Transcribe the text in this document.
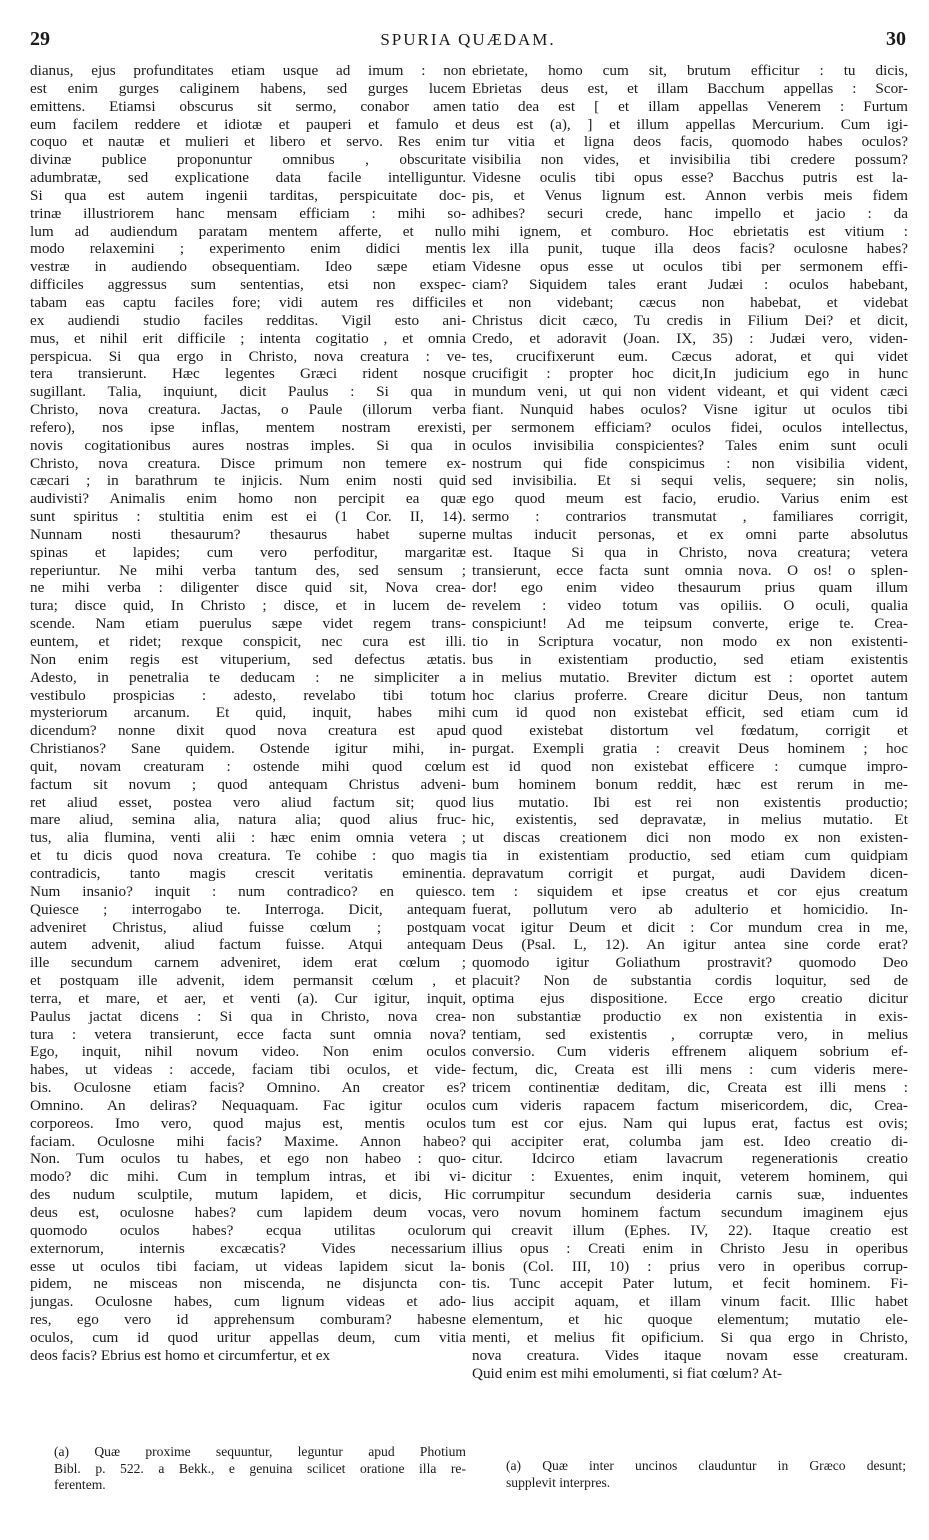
29	SPURIA QUÆDAM.	30
dianus, ejus profunditates etiam usque ad imum : non
est enim gurges caliginem habens, sed gurges lucem
emittens. Etiamsi obscurus sit sermo, conabor amen
eum facilem reddere et idiotæ et pauperi et famulo et
coquo et nautæ et mulieri et libero et servo. Res enim
divinæ publice proponuntur omnibus , obscuritate
adumbratæ, sed explicatione data facile intelliguntur.
Si qua est autem ingenii tarditas, perspicuitate doc-
trinæ illustriorem hanc mensam efficiam : mihi so-
lum ad audiendum paratam mentem afferte, et nullo
modo relaxemini ; experimento enim didici mentis
vestræ in audiendo obsequentiam. Ideo sæpe etiam
difficiles aggressus sum sententias, etsi non exspec-
tabam eas captu faciles fore; vidi autem res difficiles
ex audiendi studio faciles redditas. Vigil esto ani-
mus, et nihil erit difficile ; intenta cogitatio , et omnia
perspicua. Si qua ergo in Christo, nova creatura : ve-
tera transierunt. Hæc legentes Græci rident nosque
sugillant. Talia, inquiunt, dicit Paulus : Si qua in
Christo, nova creatura. Jactas, o Paule (illorum verba
refero), nos ipse inflas, mentem nostram erexisti,
novis cogitationibus aures nostras imples. Si qua in
Christo, nova creatura. Disce primum non temere ex-
cæcari ; in barathrum te injicis. Num enim nosti quid
audivisti? Animalis enim homo non percipit ea quæ
sunt spiritus : stultitia enim est ei (1 Cor. II, 14).
Nunnam nosti thesaurum? thesaurus habet superne
spinas et lapides; cum vero perfoditur, margaritæ
reperiuntur. Ne mihi verba tantum des, sed sensum ;
ne mihi verba : diligenter disce quid sit, Nova crea-
tura; disce quid, In Christo ; disce, et in lucem de-
scende. Nam etiam puerulus sæpe videt regem trans-
euntem, et ridet; rexque conspicit, nec cura est illi.
Non enim regis est vituperium, sed defectus ætatis.
Adesto, in penetralia te deducam : ne simpliciter a
vestibulo prospicias : adesto, revelabo tibi totum
mysteriorum arcanum. Et quid, inquit, habes mihi
dicendum? nonne dixit quod nova creatura est apud
Christianos? Sane quidem. Ostende igitur mihi, in-
quit, novam creaturam : ostende mihi quod cœlum
factum sit novum ; quod antequam Christus adveni-
ret aliud esset, postea vero aliud factum sit; quod
mare aliud, semina alia, natura alia; quod alius fruc-
tus, alia flumina, venti alii : hæc enim omnia vetera ;
et tu dicis quod nova creatura. Te cohibe : quo magis
contradicis, tanto magis crescit veritatis eminentia.
Num insanio? inquit : num contradico? en quiesco.
Quiesce ; interrogabo te. Interroga. Dicit, antequam
adveniret Christus, aliud fuisse cœlum ; postquam
autem advenit, aliud factum fuisse. Atqui antequam
ille secundum carnem adveniret, idem erat cœlum ;
et postquam ille advenit, idem permansit cœlum , et
terra, et mare, et aer, et venti (a). Cur igitur, inquit,
Paulus jactat dicens : Si qua in Christo, nova crea-
tura : vetera transierunt, ecce facta sunt omnia nova?
Ego, inquit, nihil novum video. Non enim oculos
habes, ut videas : accede, faciam tibi oculos, et vide-
bis. Oculosne etiam facis? Omnino. An creator es?
Omnino. An deliras? Nequaquam. Fac igitur oculos
corporeos. Imo vero, quod majus est, mentis oculos
faciam. Oculosne mihi facis? Maxime. Annon habeo?
Non. Tum oculos tu habes, et ego non habeo : quo-
modo? dic mihi. Cum in templum intras, et ibi vi-
des nudum sculptile, mutum lapidem, et dicis, Hic
deus est, oculosne habes? cum lapidem deum vocas,
quomodo oculos habes? ecqua utilitas oculorum
externorum, internis excæcatis? Vides necessarium
esse ut oculos tibi faciam, ut videas lapidem sicut la-
pidem, ne misceas non miscenda, ne disjuncta con-
jungas. Oculosne habes, cum lignum videas et ado-
res, ego vero id apprehensum comburam? habesne
oculos, cum id quod uritur appellas deum, cum vitia
deos facis? Ebrius est homo et circumfertur, et ex
ebrietate, homo cum sit, brutum efficitur : tu dicis,
Ebrietas deus est, et illam Bacchum appellas : Scor-
tatio dea est [ et illam appellas Venerem : Furtum
deus est (a), ] et illum appellas Mercurium. Cum igi-
tur vitia et ligna deos facis, quomodo habes oculos?
visibilia non vides, et invisibilia tibi credere possum?
Videsne oculis tibi opus esse? Bacchus putris est la-
pis, et Venus lignum est. Annon verbis meis fidem
adhibes? securi crede, hanc impello et jacio : da
mihi ignem, et comburo. Hoc ebrietatis est vitium :
lex illa punit, tuque illa deos facis? oculosne habes?
Videsne opus esse ut oculos tibi per sermonem effi-
ciam? Siquidem tales erant Judæi : oculos habebant,
et non videbant; cæcus non habebat, et videbat
Christus dicit cæco, Tu credis in Filium Dei? et dicit,
Credo, et adoravit (Joan. IX, 35) : Judæi vero, viden-
tes, crucifixerunt eum. Cæcus adorat, et qui videt
crucifigit : propter hoc dicit,In judicium ego in hunc
mundum veni, ut qui non vident videant, et qui vident cæci
fiant. Nunquid habes oculos? Visne igitur ut oculos tibi
per sermonem efficiam? oculos fidei, oculos intellectus,
oculos invisibilia conspicientes? Tales enim sunt oculi
nostrum qui fide conspicimus : non visibilia vident,
sed invisibilia. Et si sequi velis, sequere; sin nolis,
ego quod meum est facio, erudio. Varius enim est
sermo : contrarios transmutat , familiares corrigit,
multas inducit personas, et ex omni parte absolutus
est. Itaque Si qua in Christo, nova creatura; vetera
transierunt, ecce facta sunt omnia nova. O os! o splen-
dor! ego enim video thesaurum prius quam illum
revelem : video totum vas opiliis. O oculi, qualia
conspiciunt! Ad me teipsum converte, erige te. Crea-
tio in Scriptura vocatur, non modo ex non existenti-
bus in existentiam productio, sed etiam existentis
in melius mutatio. Breviter dictum est : oportet autem
hoc clarius proferre. Creare dicitur Deus, non tantum
cum id quod non existebat efficit, sed etiam cum id
quod existebat distortum vel fœdatum, corrigit et
purgat. Exempli gratia : creavit Deus hominem ; hoc
est id quod non existebat efficere : cumque impro-
bum hominem bonum reddit, hæc est rerum in me-
lius mutatio. Ibi est rei non existentis productio;
hic, existentis, sed depravatæ, in melius mutatio. Et
ut discas creationem dici non modo ex non existen-
tia in existentiam productio, sed etiam cum quidpiam
depravatum corrigit et purgat, audi Davidem dicen-
tem : siquidem et ipse creatus et cor ejus creatum
fuerat, pollutum vero ab adulterio et homicidio. In-
vocat igitur Deum et dicit : Cor mundum crea in me,
Deus (Psal. L, 12). An igitur antea sine corde erat?
quomodo igitur Goliathum prostravit? quomodo Deo
placuit? Non de substantia cordis loquitur, sed de
optima ejus dispositione. Ecce ergo creatio dicitur
non substantiæ productio ex non existentia in exis-
tentiam, sed existentis , corruptæ vero, in melius
conversio. Cum videris effrenem aliquem sobrium ef-
fectum, dic, Creata est illi mens : cum videris mere-
tricem continentiæ deditam, dic, Creata est illi mens :
cum videris rapacem factum misericordem, dic, Crea-
tum est cor ejus. Nam qui lupus erat, factus est ovis;
qui accipiter erat, columba jam est. Ideo creatio di-
citur. Idcirco etiam lavacrum regenerationis creatio
dicitur : Exuentes, enim inquit, veterem hominem, qui
corrumpitur secundum desideria carnis suæ, induentes
vero novum hominem factum secundum imaginem ejus
qui creavit illum (Ephes. IV, 22). Itaque creatio est
illius opus : Creati enim in Christo Jesu in operibus
bonis (Col. III, 10) : prius vero in operibus corrup-
tis. Tunc accepit Pater lutum, et fecit hominem. Fi-
lius accipit aquam, et illam vinum facit. Illic habet
elementum, et hic quoque elementum; mutatio ele-
menti, et melius fit opificium. Si qua ergo in Christo,
nova creatura. Vides itaque novam esse creaturam.
Quid enim est mihi emolumenti, si fiat cœlum? At-
(a) Quæ proxime sequuntur, leguntur apud Photium
Bibl. p. 522. a Bekk., e genuina scilicet oratione illa re-
ferentem.
(a) Quæ inter uncinos clauduntur in Græco desunt;
supplevit interpres.
